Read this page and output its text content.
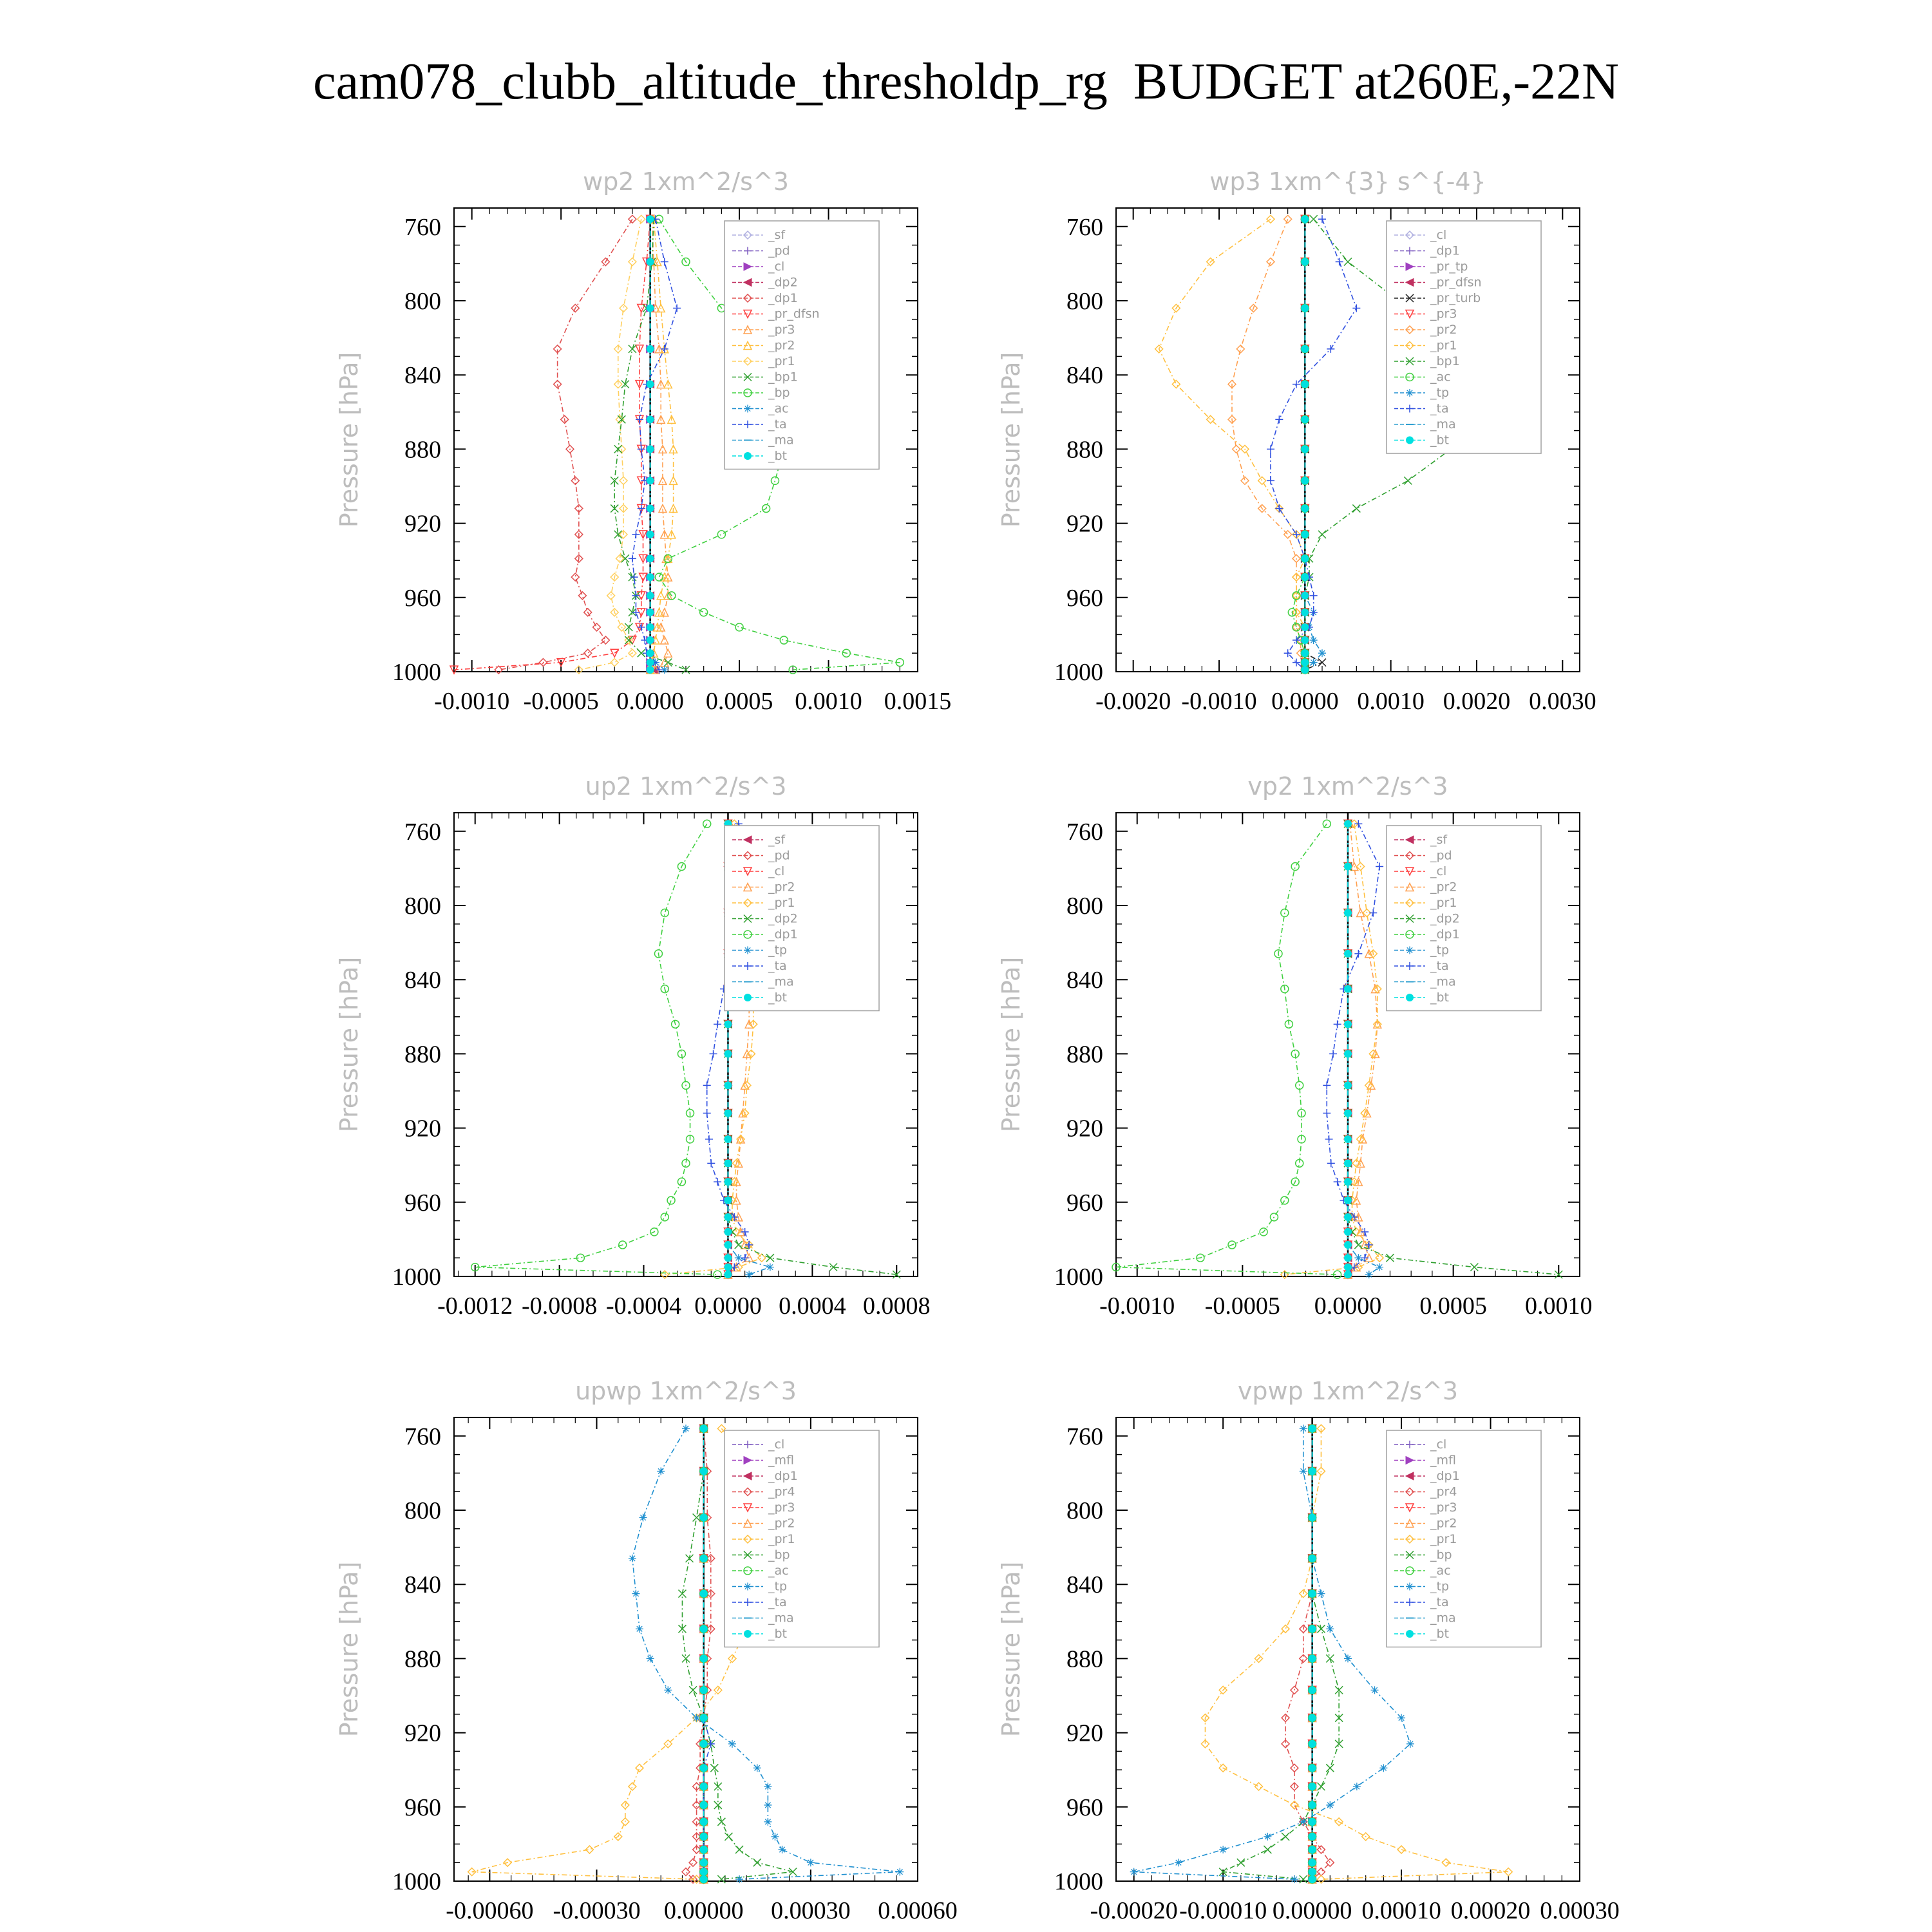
cam078_clubb_altitude_thresholdp_rg  BUDGET at260E,-22N
wp2 1xm^2/s^3
Pressure [hPa]
760
800
840
880
920
960
1000
-0.0010 -0.0005 0.0000 0.0005 0.0010 0.0015
_sf
_pd
_cl
_dp2
_dp1
_pr_dfsn
_pr3
_pr2
_pr1
_bp1
_bp
_ac
_ta
_ma
_bt
wp3 1xm^{3} s^{-4}
Pressure [hPa]
760
800
840
880
920
960
1000
-0.0020 -0.0010 0.0000 0.0010 0.0020 0.0030
_cl
_dp1
_pr_tp
_pr_dfsn
_pr_turb
_pr3
_pr2
_pr1
_bp1
_ac
_tp
_ta
_ma
_bt
up2 1xm^2/s^3
Pressure [hPa]
760
800
840
880
920
960
1000
-0.0012 -0.0008 -0.0004 0.0000 0.0004 0.0008
_sf
_pd
_cl
_pr2
_pr1
_dp2
_dp1
_tp
_ta
_ma
_bt
vp2 1xm^2/s^3
Pressure [hPa]
760
800
840
880
920
960
1000
-0.0010 -0.0005 0.0000 0.0005 0.0010
_sf
_pd
_cl
_pr2
_pr1
_dp2
_dp1
_tp
_ta
_ma
_bt
upwp 1xm^2/s^3
Pressure [hPa]
760
800
840
880
920
960
1000
-0.00060 -0.00030 0.00000 0.00030 0.00060
_cl
_mfl
_dp1
_pr4
_pr3
_pr2
_pr1
_bp
_ac
_tp
_ta
_ma
_bt
vpwp 1xm^2/s^3
Pressure [hPa]
760
800
840
880
920
960
1000
-0.00020 -0.00010 0.00000 0.00010 0.00020 0.00030
_cl
_mfl
_dp1
_pr4
_pr3
_pr2
_pr1
_bp
_ac
_tp
_ta
_ma
_bt
